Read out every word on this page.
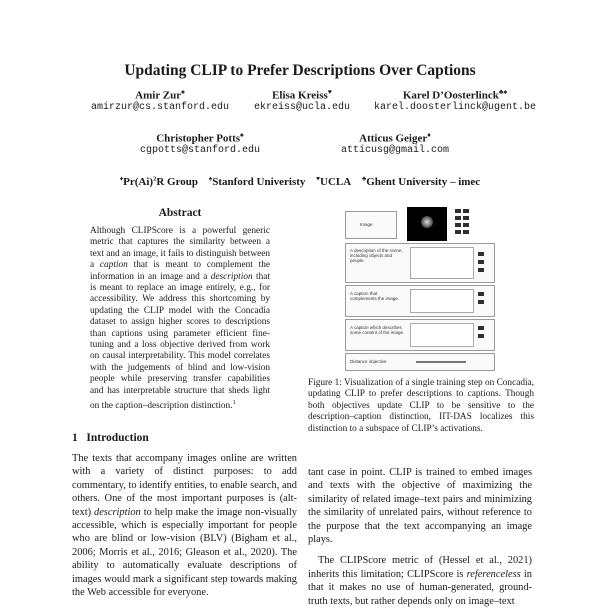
Updating CLIP to Prefer Descriptions Over Captions
Amir Zur♠
amirzur@cs.stanford.edu
Elisa Kreiss♥
ekreiss@ucla.edu
Karel D’Oosterlinck♣♠
karel.doosterlinck@ugent.be
Christopher Potts♠
cgpotts@stanford.edu
Atticus Geiger♦
atticusg@gmail.com
$^♦Pr(Ai)^2R$ Group ♠Stanford Univeristy ♥UCLA ♣Ghent University – imec
Abstract

Although CLIPScore is a powerful generic metric that captures the similarity between a text and an image, it fails to distinguish between a caption that is meant to complement the information in an image and a description that is meant to replace an image entirely, e.g., for accessibility. We address this shortcoming by updating the CLIP model with the Concadia dataset to assign higher scores to descriptions than captions using parameter efficient fine-tuning and a loss objective derived from work on causal interpretability. This model correlates with the judgements of blind and low-vision people while preserving transfer capabilities and has interpretable structure that sheds light on the caption–description distinction.$^1$

Image
A description of the scene, including objects and people.
A caption that complements the image.
A caption which describes some content of the image.
Distance objective
Figure 1: Visualization of a single training step on Concadia, updating CLIP to prefer descriptions to captions. Though both objectives update CLIP to be sensitive to the description–caption distinction, IIT-DAS localizes this distinction to a subspace of CLIP’s activations.
1 Introduction

The texts that accompany images online are written with a variety of distinct purposes: to add commentary, to identify entities, to enable search, and others. One of the most important purposes is (alt-text) description to help make the image non-visually accessible, which is especially important for people who are blind or low-vision (BLV) (Bigham et al., 2006; Morris et al., 2016; Gleason et al., 2020). The ability to automatically evaluate descriptions of images would mark a significant step towards making the Web accessible for everyone.

tant case in point. CLIP is trained to embed images and texts with the objective of maximizing the similarity of related image–text pairs and minimizing the similarity of unrelated pairs, without reference to the purpose that the text accompanying an image plays.

The CLIPScore metric of (Hessel et al., 2021) inherits this limitation; CLIPScore is referenceless in that it makes no use of human-generated, ground-truth texts, but rather depends only on image–text
